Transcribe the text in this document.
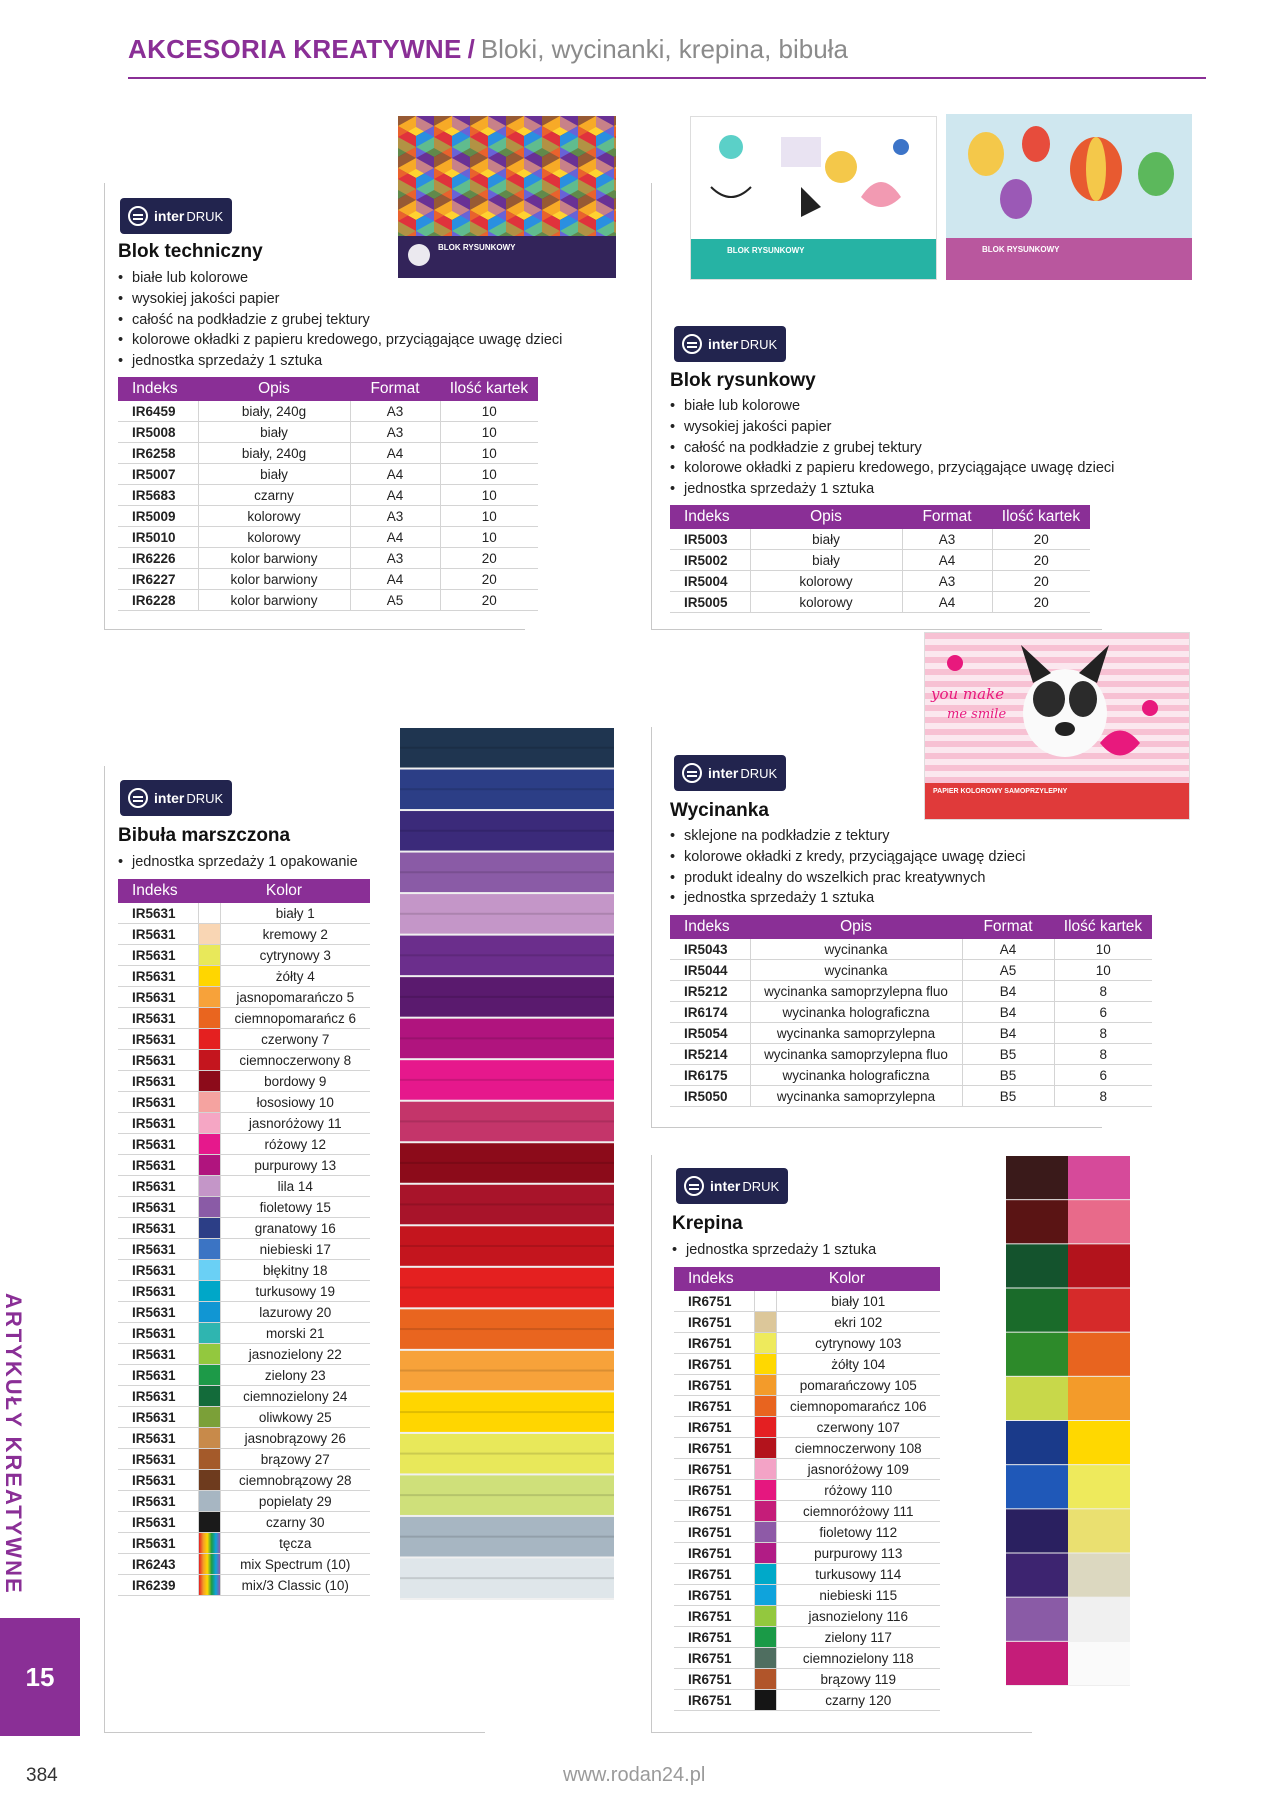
AKCESORIA KREATYWNE / Bloki, wycinanki, krepina, bibuła
BLOK RYSUNKOWY
inter DRUK
Blok techniczny
• białe lub kolorowe
• wysokiej jakości papier
• całość na podkładzie z grubej tektury
• kolorowe okładki z papieru kredowego, przyciągające uwagę dzieci
• jednostka sprzedaży 1 sztuka
Indeks	Opis	Format	Ilość kartek
IR6459	biały, 240g	A3	10
IR5008	biały	A3	10
IR6258	biały, 240g	A4	10
IR5007	biały	A4	10
IR5683	czarny	A4	10
IR5009	kolorowy	A3	10
IR5010	kolorowy	A4	10
IR6226	kolor barwiony	A3	20
IR6227	kolor barwiony	A4	20
IR6228	kolor barwiony	A5	20
BLOK RYSUNKOWY	BLOK RYSUNKOWY
inter DRUK
Blok rysunkowy
• białe lub kolorowe
• wysokiej jakości papier
• całość na podkładzie z grubej tektury
• kolorowe okładki z papieru kredowego, przyciągające uwagę dzieci
• jednostka sprzedaży 1 sztuka
Indeks	Opis	Format	Ilość kartek
IR5003	biały	A3	20
IR5002	biały	A4	20
IR5004	kolorowy	A3	20
IR5005	kolorowy	A4	20
inter DRUK
Bibuła marszczona
• jednostka sprzedaży 1 opakowanie
Indeks	Kolor	
IR5631		biały 1
IR5631		kremowy 2
IR5631		cytrynowy 3
IR5631		żółty 4
IR5631		jasnopomarańczo 5
IR5631		ciemnopomarańcz 6
IR5631		czerwony 7
IR5631		ciemnoczerwony 8
IR5631		bordowy 9
IR5631		łososiowy 10
IR5631		jasnoróżowy 11
IR5631		różowy 12
IR5631		purpurowy 13
IR5631		lila 14
IR5631		fioletowy 15
IR5631		granatowy 16
IR5631		niebieski 17
IR5631		błękitny 18
IR5631		turkusowy 19
IR5631		lazurowy 20
IR5631		morski 21
IR5631		jasnozielony 22
IR5631		zielony 23
IR5631		ciemnozielony 24
IR5631		oliwkowy 25
IR5631		jasnobrązowy 26
IR5631		brązowy 27
IR5631		ciemnobrązowy 28
IR5631		popielaty 29
IR5631		czarny 30
IR5631		tęcza
IR6243		mix Spectrum (10)
IR6239		mix/3 Classic (10)
you make
me smile
PAPIER KOLOROWY SAMOPRZYLEPNY
inter DRUK
Wycinanka
• sklejone na podkładzie z tektury
• kolorowe okładki z kredy, przyciągające uwagę dzieci
• produkt idealny do wszelkich prac kreatywnych
• jednostka sprzedaży 1 sztuka
Indeks	Opis	Format	Ilość kartek
IR5043	wycinanka	A4	10
IR5044	wycinanka	A5	10
IR5212	wycinanka samoprzylepna fluo	B4	8
IR6174	wycinanka holograficzna	B4	6
IR5054	wycinanka samoprzylepna	B4	8
IR5214	wycinanka samoprzylepna fluo	B5	8
IR6175	wycinanka holograficzna	B5	6
IR5050	wycinanka samoprzylepna	B5	8
inter DRUK
Krepina
• jednostka sprzedaży 1 sztuka
Indeks	Kolor	
IR6751		biały 101
IR6751		ekri 102
IR6751		cytrynowy 103
IR6751		żółty 104
IR6751		pomarańczowy 105
IR6751		ciemnopomarańcz 106
IR6751		czerwony 107
IR6751		ciemnoczerwony 108
IR6751		jasnoróżowy 109
IR6751		różowy 110
IR6751		ciemnoróżowy 111
IR6751		fioletowy 112
IR6751		purpurowy 113
IR6751		turkusowy 114
IR6751		niebieski 115
IR6751		jasnozielony 116
IR6751		zielony 117
IR6751		ciemnozielony 118
IR6751		brązowy 119
IR6751		czarny 120
ARTYKUŁY KREATYWNE
15
384	www.rodan24.pl
